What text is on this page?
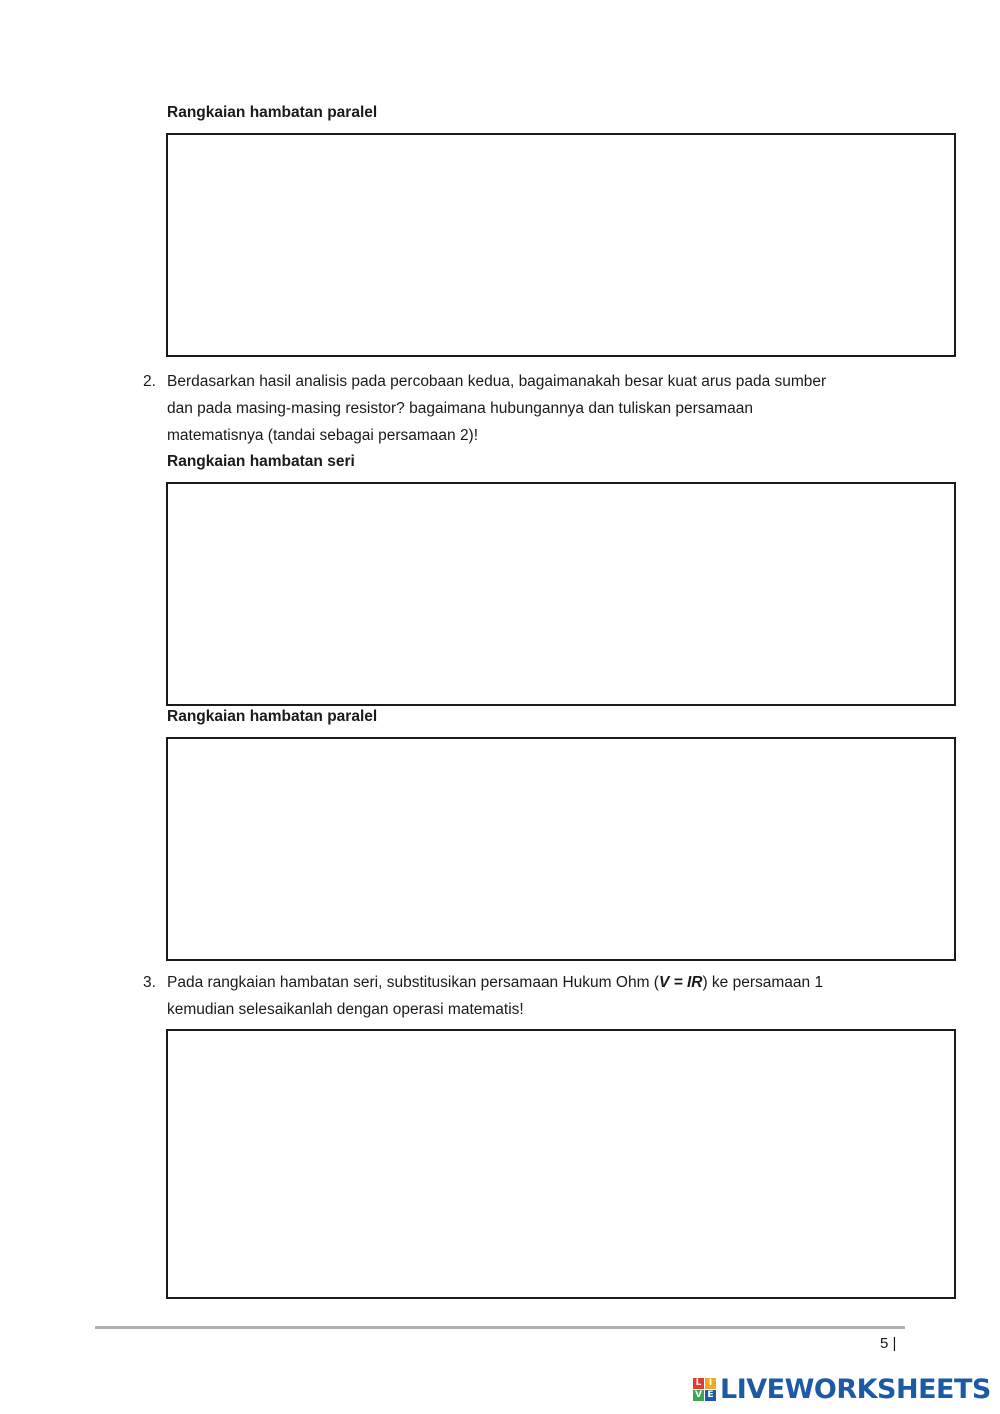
Rangkaian hambatan paralel
2. Berdasarkan hasil analisis pada percobaan kedua, bagaimanakah besar kuat arus pada sumber
dan pada masing-masing resistor? bagaimana hubungannya dan tuliskan persamaan
matematisnya (tandai sebagai persamaan 2)!
Rangkaian hambatan seri
Rangkaian hambatan paralel
3. Pada rangkaian hambatan seri, substitusikan persamaan Hukum Ohm (V = IR) ke persamaan 1
kemudian selesaikanlah dengan operasi matematis!
5 |
L I
V E LIVEWORKSHEETS
